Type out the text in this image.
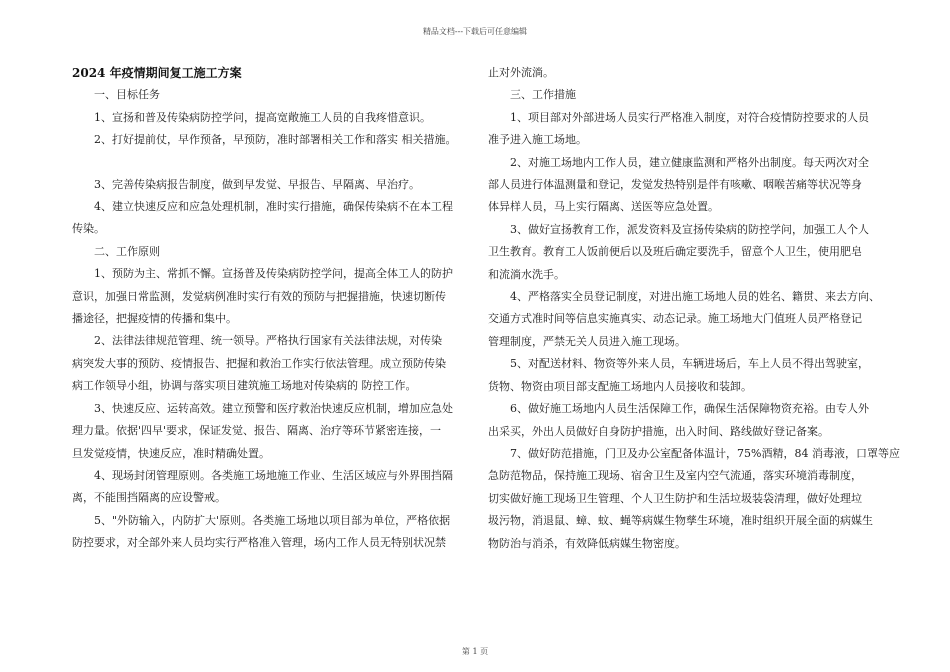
精品文档---下载后可任意编辑
2024 年疫情期间复工施工方案
一、目标任务
1、宣扬和普及传染病防控学问，提高宽敞施工人员的自我疼惜意识。
2、打好提前仗，早作预备，早预防，准时部署相关工作和落实 相关措施。
3、完善传染病报告制度，做到早发觉、早报告、早隔离、早治疗。
4、建立快速反应和应急处理机制，准时实行措施，确保传染病不在本工程
传染。
二、工作原则
1、预防为主、常抓不懈。宣扬普及传染病防控学问，提高全体工人的防护
意识，加强日常监测，发觉病例准时实行有效的预防与把握措施，快速切断传
播途径，把握疫情的传播和集中。
2、法律法律规范管理、统一领导。严格执行国家有关法律法规，对传染
病突发大事的预防、疫情报告、把握和救治工作实行依法管理。成立预防传染
病工作领导小组，协调与落实项目建筑施工场地对传染病的 防控工作。
3、快速反应、运转高效。建立预警和医疗救治快速反应机制，增加应急处
理力量。依据'四早'要求，保证发觉、报告、隔离、治疗等环节紧密连接，一
旦发觉疫情，快速反应，准时精确处置。
4、现场封闭管理原则。各类施工场地施工作业、生活区域应与外界围挡隔
离，不能围挡隔离的应设警戒。
5、"外防输入，内防扩大'原则。各类施工场地以项目部为单位，严格依据
防控要求，对全部外来人员均实行严格准入管理，场内工作人员无特别状况禁
止对外流淌。
三、工作措施
1、项目部对外部进场人员实行严格准入制度，对符合疫情防控要求的人员
准予进入施工场地。
2、对施工场地内工作人员，建立健康监测和严格外出制度。每天两次对全
部人员进行体温测量和登记，发觉发热特别是伴有咳嗽、咽喉苦痛等状况等身
体异样人员，马上实行隔离、送医等应急处置。
3、做好宣扬教育工作，派发资料及宣扬传染病的防控学问，加强工人个人
卫生教育。教育工人饭前便后以及班后确定要洗手，留意个人卫生，使用肥皂
和流淌水洗手。
4、严格落实全员登记制度，对进出施工场地人员的姓名、籍贯、来去方向、
交通方式准时间等信息实施真实、动态记录。施工场地大门值班人员严格登记
管理制度，严禁无关人员进入施工现场。
5、对配送材料、物资等外来人员，车辆进场后，车上人员不得出驾驶室，
货物、物资由项目部支配施工场地内人员接收和装卸。
6、做好施工场地内人员生活保障工作，确保生活保障物资充裕。由专人外
出采买，外出人员做好自身防护措施，出入时间、路线做好登记备案。
7、做好防范措施，门卫及办公室配备体温计，75%酒精，84 消毒液，口罩等应
急防范物品，保持施工现场、宿舍卫生及室内空气流通，落实环境消毒制度，
切实做好施工现场卫生管理、个人卫生防护和生活垃圾装袋清理，做好处理垃
圾污物，消退鼠、蟑、蚊、蝇等病媒生物孳生环境，准时组织开展全面的病媒生
物防治与消杀，有效降低病媒生物密度。
第 1 页
